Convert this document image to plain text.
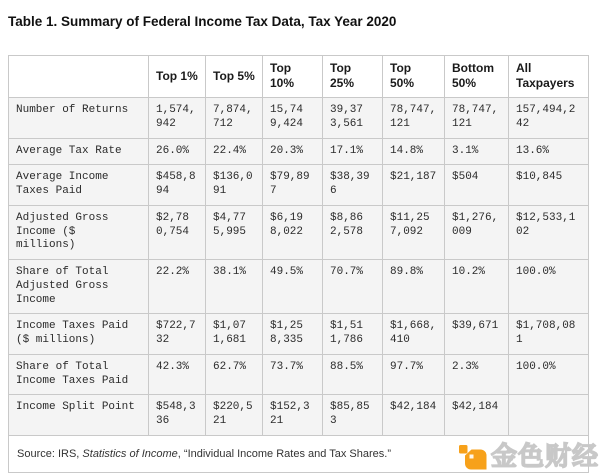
Table 1. Summary of Federal Income Tax Data, Tax Year 2020
	Top 1%	Top 5%	Top 10%	Top 25%	Top 50%	Bottom 50%	All Taxpayers
Number of Returns	1,574,942	7,874,712	15,749,424	39,373,561	78,747,121	78,747,121	157,494,242
Average Tax Rate	26.0%	22.4%	20.3%	17.1%	14.8%	3.1%	13.6%
Average Income Taxes Paid	$458,894	$136,091	$79,897	$38,396	$21,187	$504	$10,845
Adjusted Gross Income ($ millions)	$2,780,754	$4,775,995	$6,198,022	$8,862,578	$11,257,092	$1,276,009	$12,533,102
Share of Total Adjusted Gross Income	22.2%	38.1%	49.5%	70.7%	89.8%	10.2%	100.0%
Income Taxes Paid ($ millions)	$722,732	$1,071,681	$1,258,335	$1,511,786	$1,668,410	$39,671	$1,708,081
Share of Total Income Taxes Paid	42.3%	62.7%	73.7%	88.5%	97.7%	2.3%	100.0%
Income Split Point	$548,336	$220,521	$152,321	$85,853	$42,184	$42,184	
Source: IRS, Statistics of Income, “Individual Income Rates and Tax Shares.”								金色财经
